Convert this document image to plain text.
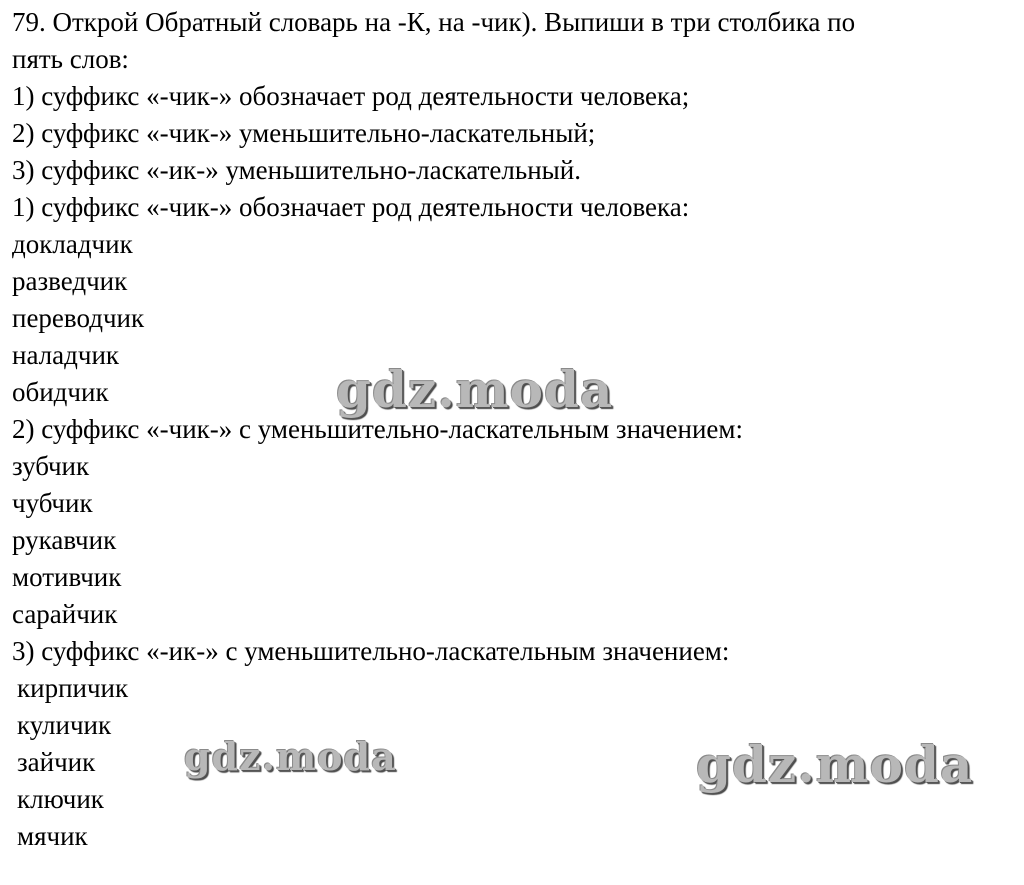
79. Открой Обратный словарь на -К, на -чик). Выпиши в три столбика по
пять слов:
1) суффикс «-чик-» обозначает род деятельности человека;
2) суффикс «-чик-» уменьшительно-ласкательный;
3) суффикс «-ик-» уменьшительно-ласкательный.
1) суффикс «-чик-» обозначает род деятельности человека:
докладчик
разведчик
переводчик
наладчик
обидчик
2) суффикс «-чик-» с уменьшительно-ласкательным значением:
зубчик
чубчик
рукавчик
мотивчик
сарайчик
3) суффикс «-ик-» с уменьшительно-ласкательным значением:
кирпичик
куличик
зайчик
ключик
мячик
gdz.moda
gdz.moda	gdz.moda
